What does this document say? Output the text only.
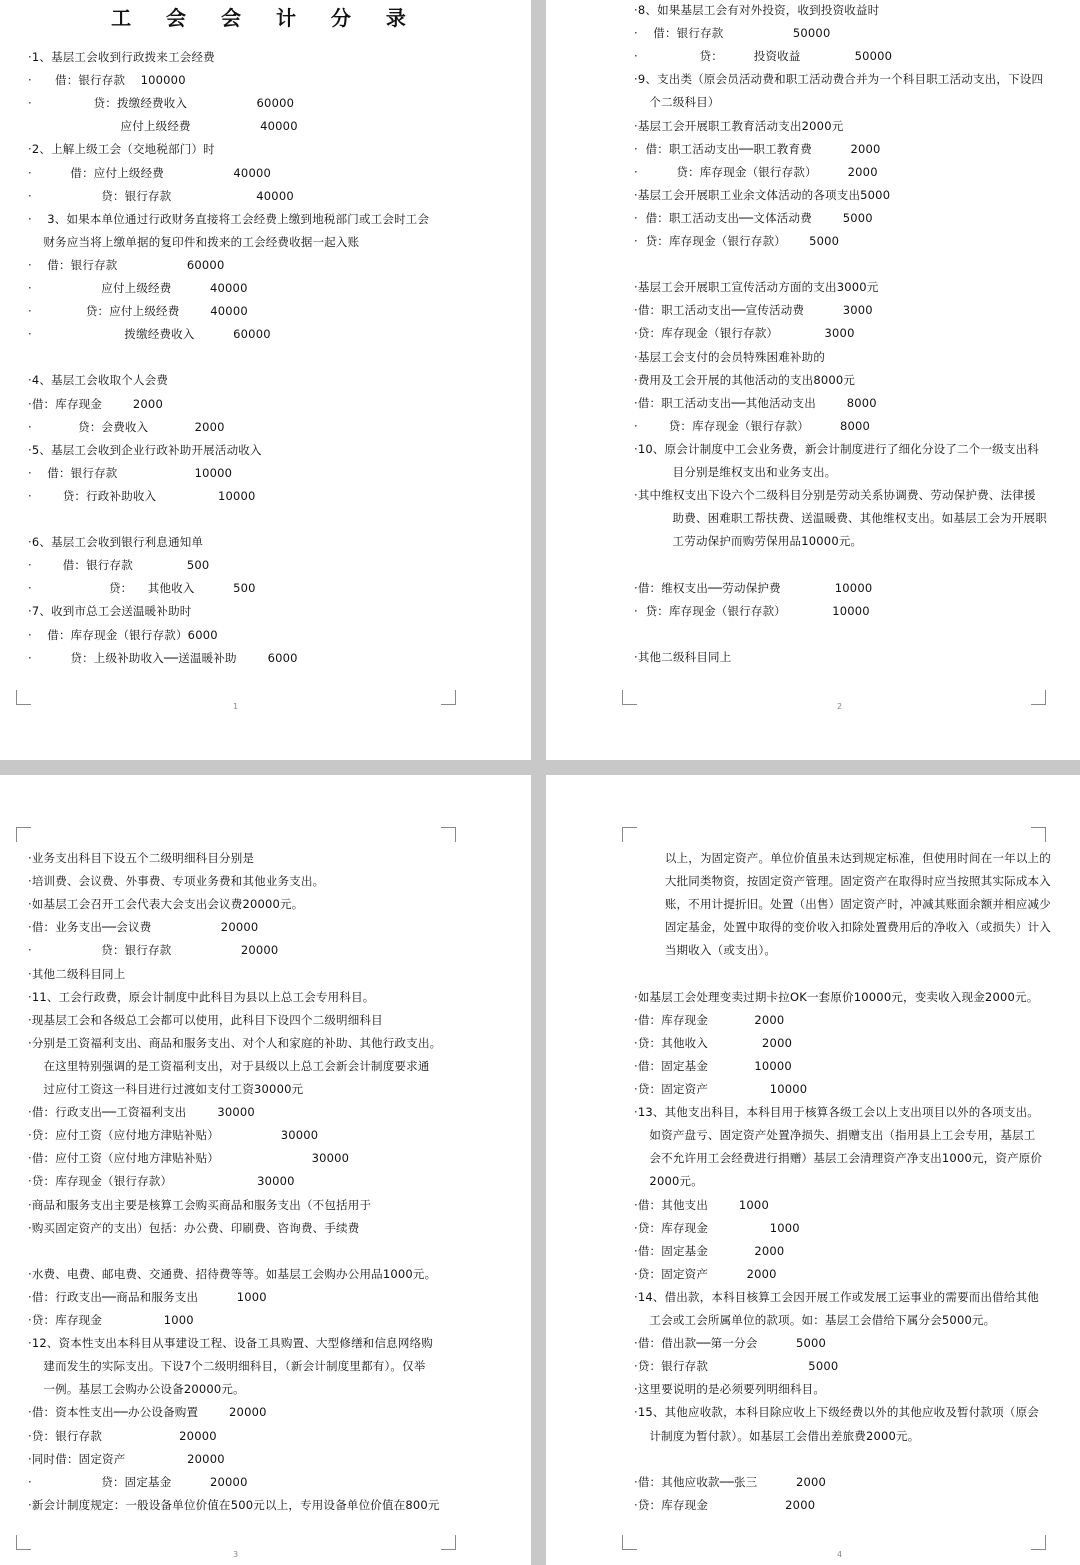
工 会 会 计 分 录
·1、基层工会收到行政拨来工会经费
·      借：银行存款    100000
·                贷：拨缴经费收入                  60000
应付上级经费                  40000
·2、上解上级工会（交地税部门）时
·          借：应付上级经费                  40000
·                  贷：银行存款                      40000
·    3、如果本单位通过行政财务直接将工会经费上缴到地税部门或工会时工会
财务应当将上缴单据的复印件和拨来的工会经费收据一起入账
·    借：银行存款                  60000
·                  应付上级经费          40000
·              贷：应付上级经费        40000
·                        拨缴经费收入          60000
·4、基层工会收取个人会费
·借：库存现金        2000
·            贷：会费收入            2000
·5、基层工会收到企业行政补助开展活动收入
·    借：银行存款                    10000
·        贷：行政补助收入                10000
·6、基层工会收到银行利息通知单
·        借：银行存款              500
·                    贷：    其他收入          500
·7、收到市总工会送温暖补助时
·    借：库存现金（银行存款）6000
·          贷：上级补助收入──送温暖补助        6000
1
·8、如果基层工会有对外投资，收到投资收益时
·    借：银行存款                  50000
·                贷：        投资收益              50000
·9、支出类（原会员活动费和职工活动费合并为一个科目职工活动支出，下设四
个二级科目）
·基层工会开展职工教育活动支出2000元
·  借：职工活动支出──职工教育费          2000
·          贷：库存现金（银行存款）        2000
·基层工会开展职工业余文体活动的各项支出5000
·  借：职工活动支出──文体活动费        5000
·  贷：库存现金（银行存款）      5000
·基层工会开展职工宣传活动方面的支出3000元
·借：职工活动支出──宣传活动费          3000
·贷：库存现金（银行存款）            3000
·基层工会支付的会员特殊困难补助的
·费用及工会开展的其他活动的支出8000元
·借：职工活动支出──其他活动支出        8000
·        贷：库存现金（银行存款）        8000
·10、原会计制度中工会业务费，新会计制度进行了细化分设了二个一级支出科
目分别是维权支出和业务支出。
·其中维权支出下设六个二级科目分别是劳动关系协调费、劳动保护费、法律援
助费、困难职工帮扶费、送温暖费、其他维权支出。如基层工会为开展职
工劳动保护而购劳保用品10000元。
·借：维权支出──劳动保护费              10000
·  贷：库存现金（银行存款）            10000
·其他二级科目同上
2
·业务支出科目下设五个二级明细科目分别是
·培训费、会议费、外事费、专项业务费和其他业务支出。
·如基层工会召开工会代表大会支出会议费20000元。
·借：业务支出──会议费                  20000
·                  贷：银行存款                  20000
·其他二级科目同上
·11、工会行政费，原会计制度中此科目为县以上总工会专用科目。
·现基层工会和各级总工会都可以使用，此科目下设四个二级明细科目
·分别是工资福利支出、商品和服务支出、对个人和家庭的补助、其他行政支出。
在这里特别强调的是工资福利支出，对于县级以上总工会新会计制度要求通
过应付工资这一科目进行过渡如支付工资30000元
·借：行政支出──工资福利支出        30000
·贷：应付工资（应付地方津贴补贴）                30000
·借：应付工资（应付地方津贴补贴）                        30000
·贷：库存现金（银行存款）                      30000
·商品和服务支出主要是核算工会购买商品和服务支出（不包括用于
·购买固定资产的支出）包括：办公费、印刷费、咨询费、手续费
·水费、电费、邮电费、交通费、招待费等等。如基层工会购办公用品1000元。
·借：行政支出──商品和服务支出          1000
·贷：库存现金                1000
·12、资本性支出本科目从事建设工程、设备工具购置、大型修缮和信息网络购
建而发生的实际支出。下设7个二级明细科目，（新会计制度里都有）。仅举
一例。基层工会购办公设备20000元。
·借：资本性支出──办公设备购置        20000
·贷：银行存款                    20000
·同时借：固定资产                20000
·                  贷：固定基金          20000
·新会计制度规定：一般设备单位价值在500元以上，专用设备单位价值在800元
3
以上，为固定资产。单位价值虽未达到规定标准，但使用时间在一年以上的
大批同类物资，按固定资产管理。固定资产在取得时应当按照其实际成本入
账，不用计提折旧。处置（出售）固定资产时，冲减其账面余额并相应减少
固定基金，处置中取得的变价收入扣除处置费用后的净收入（或损失）计入
当期收入（或支出）。
·如基层工会处理变卖过期卡拉OK一套原价10000元，变卖收入现金2000元。
·借：库存现金            2000
·贷：其他收入              2000
·借：固定基金            10000
·贷：固定资产                10000
·13、其他支出科目，本科目用于核算各级工会以上支出项目以外的各项支出。
如资产盘亏、固定资产处置净损失、捐赠支出（指用县上工会专用，基层工
会不允许用工会经费进行捐赠）基层工会清理资产净支出1000元，资产原价
2000元。
·借：其他支出        1000
·贷：库存现金                1000
·借：固定基金            2000
·贷：固定资产          2000
·14、借出款，本科目核算工会因开展工作或发展工运事业的需要而出借给其他
工会或工会所属单位的款项。如：基层工会借给下属分会5000元。
·借：借出款──第一分会          5000
·贷：银行存款                          5000
·这里要说明的是必须要列明细科目。
·15、其他应收款，本科目除应收上下级经费以外的其他应收及暂付款项（原会
计制度为暂付款）。如基层工会借出差旅费2000元。
·借：其他应收款──张三          2000
·贷：库存现金                    2000
4
